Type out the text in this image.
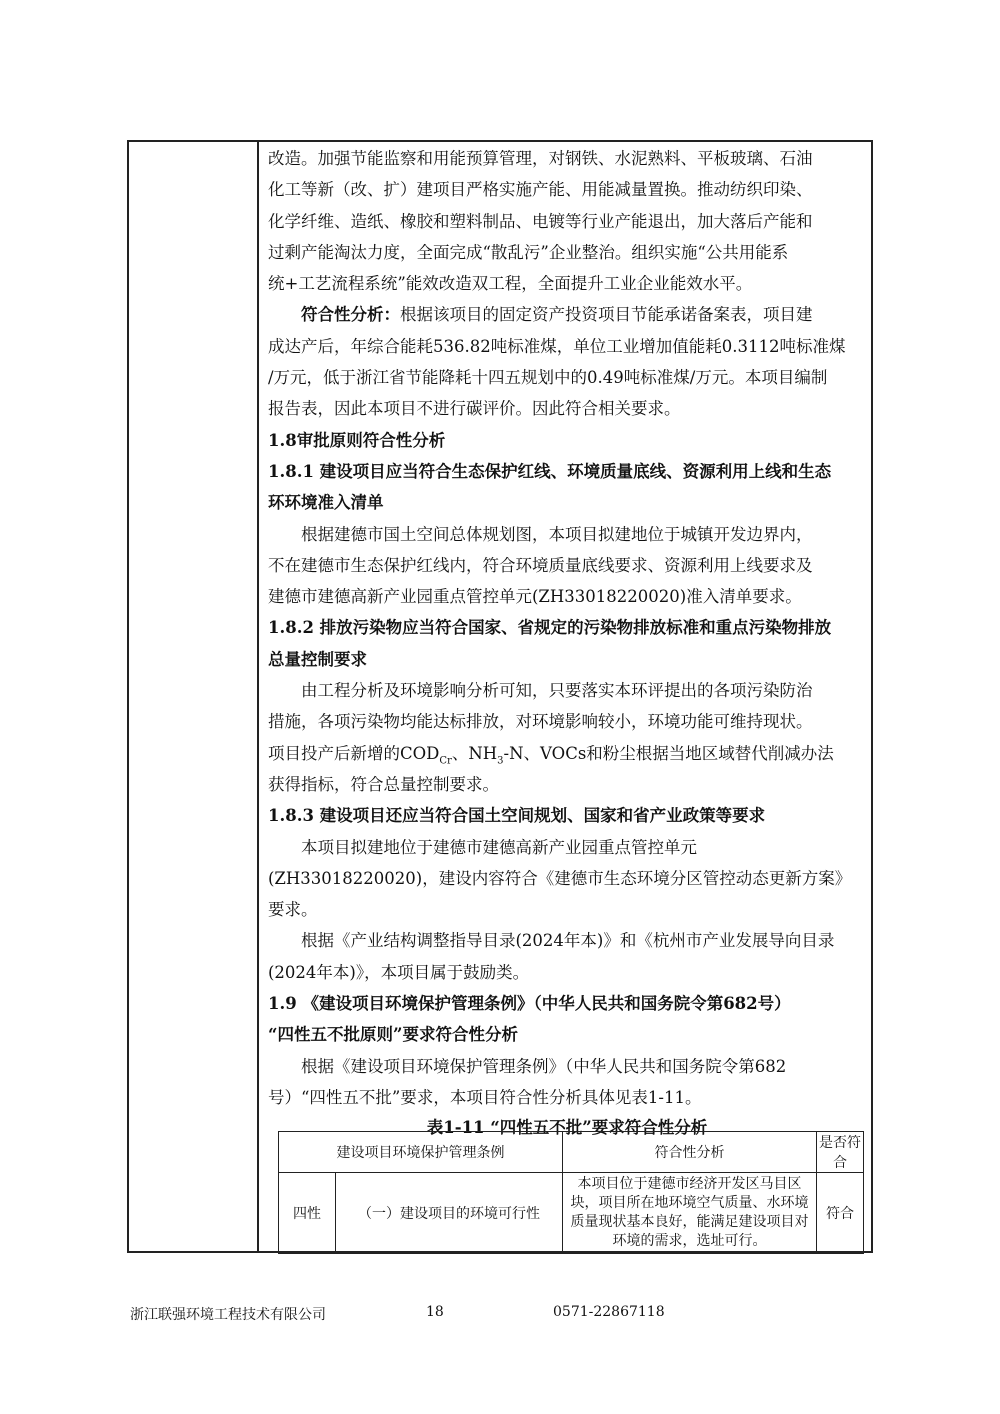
改造。加强节能监察和用能预算管理，对钢铁、水泥熟料、平板玻璃、石油
化工等新（改、扩）建项目严格实施产能、用能减量置换。推动纺织印染、
化学纤维、造纸、橡胶和塑料制品、电镀等行业产能退出，加大落后产能和
过剩产能淘汰力度，全面完成“散乱污”企业整治。组织实施“公共用能系
统+工艺流程系统”能效改造双工程，全面提升工业企业能效水平。
符合性分析：根据该项目的固定资产投资项目节能承诺备案表，项目建
成达产后，年综合能耗536.82吨标准煤，单位工业增加值能耗0.3112吨标准煤
/万元，低于浙江省节能降耗十四五规划中的0.49吨标准煤/万元。本项目编制
报告表，因此本项目不进行碳评价。因此符合相关要求。
1.8审批原则符合性分析
1.8.1 建设项目应当符合生态保护红线、环境质量底线、资源利用上线和生态
环环境准入清单
根据建德市国土空间总体规划图，本项目拟建地位于城镇开发边界内，
不在建德市生态保护红线内，符合环境质量底线要求、资源利用上线要求及
建德市建德高新产业园重点管控单元(ZH33018220020)准入清单要求。
1.8.2 排放污染物应当符合国家、省规定的污染物排放标准和重点污染物排放
总量控制要求
由工程分析及环境影响分析可知，只要落实本环评提出的各项污染防治
措施，各项污染物均能达标排放，对环境影响较小，环境功能可维持现状。
项目投产后新增的$COD_{Cr}$、$NH_3-N$、VOCs和粉尘根据当地区域替代削减办法
获得指标，符合总量控制要求。
1.8.3 建设项目还应当符合国土空间规划、国家和省产业政策等要求
本项目拟建地位于建德市建德高新产业园重点管控单元
(ZH33018220020)，建设内容符合《建德市生态环境分区管控动态更新方案》
要求。
根据《产业结构调整指导目录(2024年本)》和《杭州市产业发展导向目录
(2024年本)》，本项目属于鼓励类。
1.9 《建设项目环境保护管理条例》（中华人民共和国务院令第682号）
“四性五不批原则”要求符合性分析
根据《建设项目环境保护管理条例》（中华人民共和国务院令第682
号）“四性五不批”要求，本项目符合性分析具体见表1-11。
表1-11 “四性五不批”要求符合性分析
建设项目环境保护管理条例		符合性分析	是否符合
四性	（一）建设项目的环境可行性	本项目位于建德市经济开发区马目区块，项目所在地环境空气质量、水环境质量现状基本良好，能满足建设项目对环境的需求，选址可行。	符合
浙江联强环境工程技术有限公司	18	0571-22867118
